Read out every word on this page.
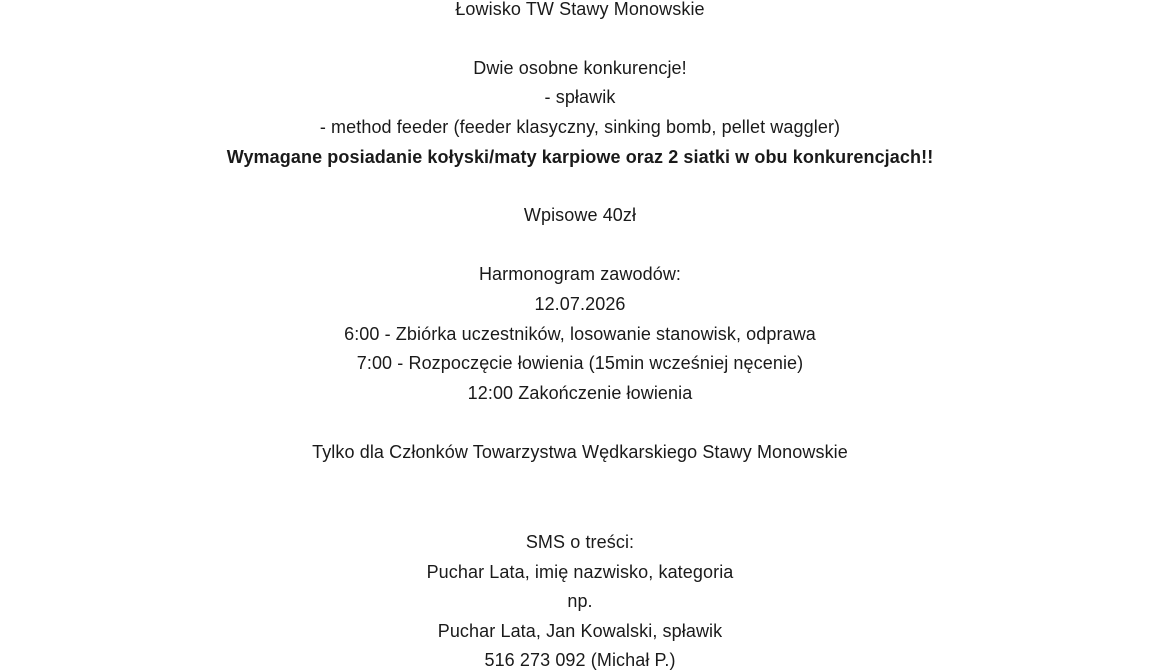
Łowisko TW Stawy Monowskie
Dwie osobne konkurencje!
- spławik
- method feeder (feeder klasyczny, sinking bomb, pellet waggler)
Wymagane posiadanie kołyski/maty karpiowe oraz 2 siatki w obu konkurencjach!!
Wpisowe 40zł
Harmonogram zawodów:
12.07.2026
6:00 - Zbiórka uczestników, losowanie stanowisk, odprawa
7:00 - Rozpoczęcie łowienia (15min wcześniej nęcenie)
12:00 Zakończenie łowienia
Tylko dla Członków Towarzystwa Wędkarskiego Stawy Monowskie
SMS o treści:
Puchar Lata, imię nazwisko, kategoria
np.
Puchar Lata, Jan Kowalski, spławik
516 273 092 (Michał P.)
